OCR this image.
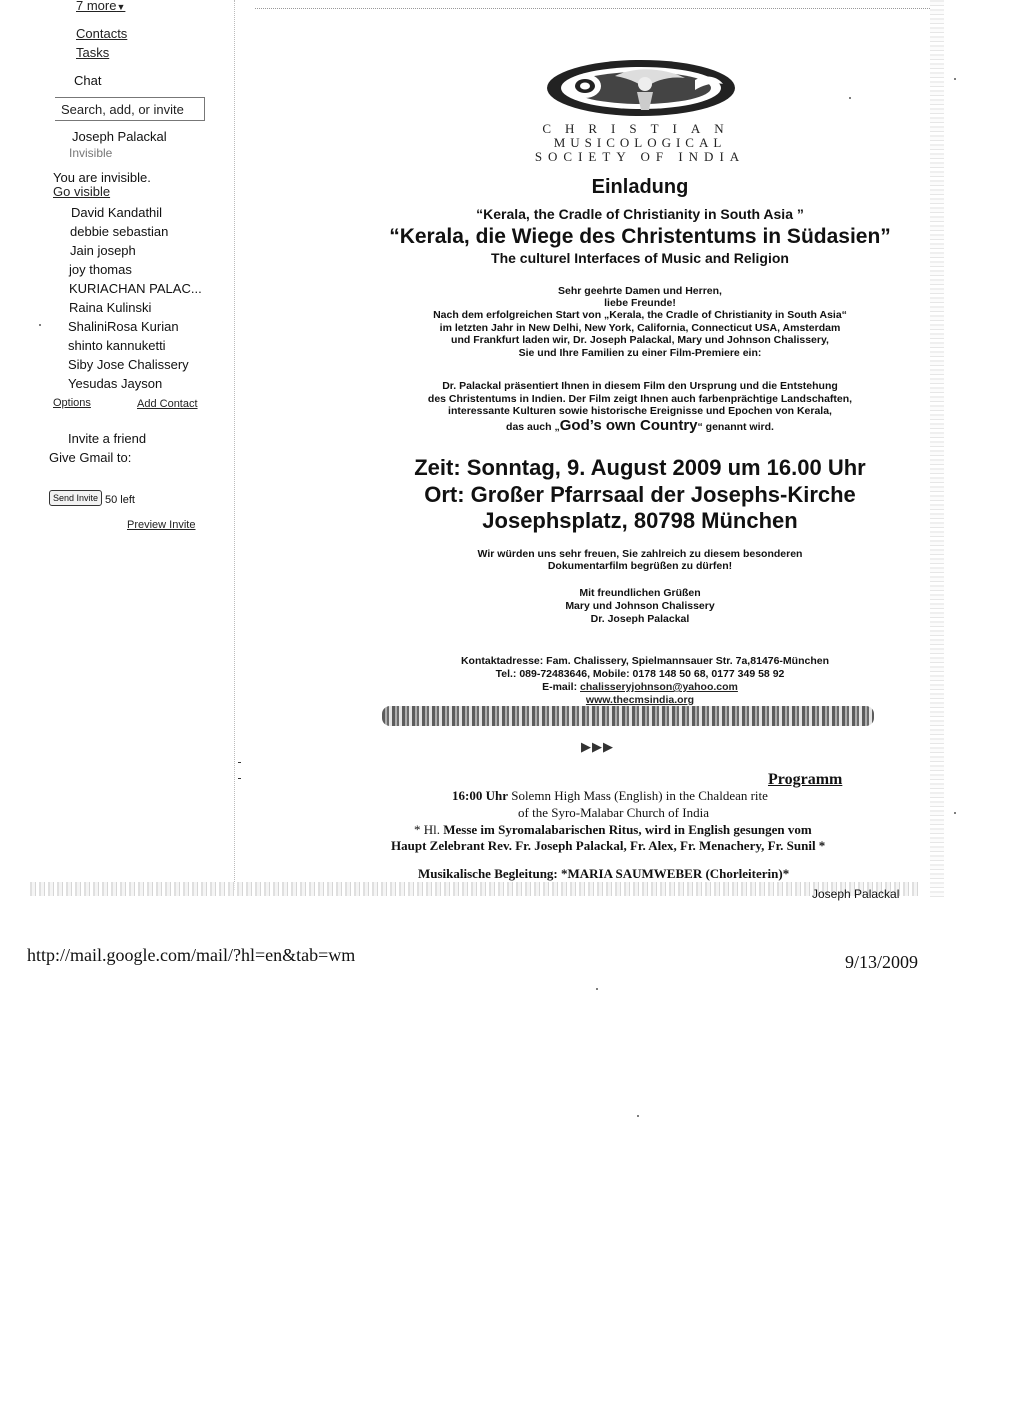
7 more▼
Contacts
Tasks
Chat
Search, add, or invite
Joseph Palackal
Invisible
You are invisible.
Go visible
David Kandathil
debbie sebastian
Jain joseph
joy thomas
KURIACHAN PALAC...
Raina Kulinski
ShaliniRosa Kurian
shinto kannuketti
Siby Jose Chalissery
Yesudas Jayson
Options	Add Contact
Invite a friend
Give Gmail to:
Send Invite 50 left
Preview Invite
CHRISTIAN
MUSICOLOGICAL
SOCIETY OF INDIA
Einladung
“Kerala, the Cradle of Christianity in South Asia ”
“Kerala, die Wiege des Christentums in Südasien”
The culturel Interfaces of Music and Religion
Sehr geehrte Damen und Herren,
liebe Freunde!
Nach dem erfolgreichen Start von „Kerala, the Cradle of Christianity in South Asia“
im letzten Jahr in New Delhi, New York, California, Connecticut USA, Amsterdam
und Frankfurt laden wir, Dr. Joseph Palackal, Mary und Johnson Chalissery,
Sie und Ihre Familien zu einer Film-Premiere ein:
Dr. Palackal präsentiert Ihnen in diesem Film den Ursprung und die Entstehung
des Christentums in Indien. Der Film zeigt Ihnen auch farbenprächtige Landschaften,
interessante Kulturen sowie historische Ereignisse und Epochen von Kerala,
das auch „God’s own Country“ genannt wird.
Zeit: Sonntag, 9. August 2009 um 16.00 Uhr
Ort: Großer Pfarrsaal der Josephs-Kirche
Josephsplatz, 80798 München
Wir würden uns sehr freuen, Sie zahlreich zu diesem besonderen
Dokumentarfilm begrüßen zu dürfen!
Mit freundlichen Grüßen
Mary und Johnson Chalissery
Dr. Joseph Palackal
Kontaktadresse: Fam. Chalissery, Spielmannsauer Str. 7a,81476-München
Tel.: 089-72483646, Mobile: 0178 148 50 68, 0177 349 58 92
E-mail: chalisseryjohnson@yahoo.com
www.thecmsindia.org
▶▶▶
Programm
16:00 Uhr Solemn High Mass (English) in the Chaldean rite
of the Syro-Malabar Church of India
* Hl. Messe im Syromalabarischen Ritus, wird in English gesungen vom
Haupt Zelebrant Rev. Fr. Joseph Palackal, Fr. Alex, Fr. Menachery, Fr. Sunil *
Musikalische Begleitung: *MARIA SAUMWEBER (Chorleiterin)*
Joseph Palackal
http://mail.google.com/mail/?hl=en&tab=wm	9/13/2009
